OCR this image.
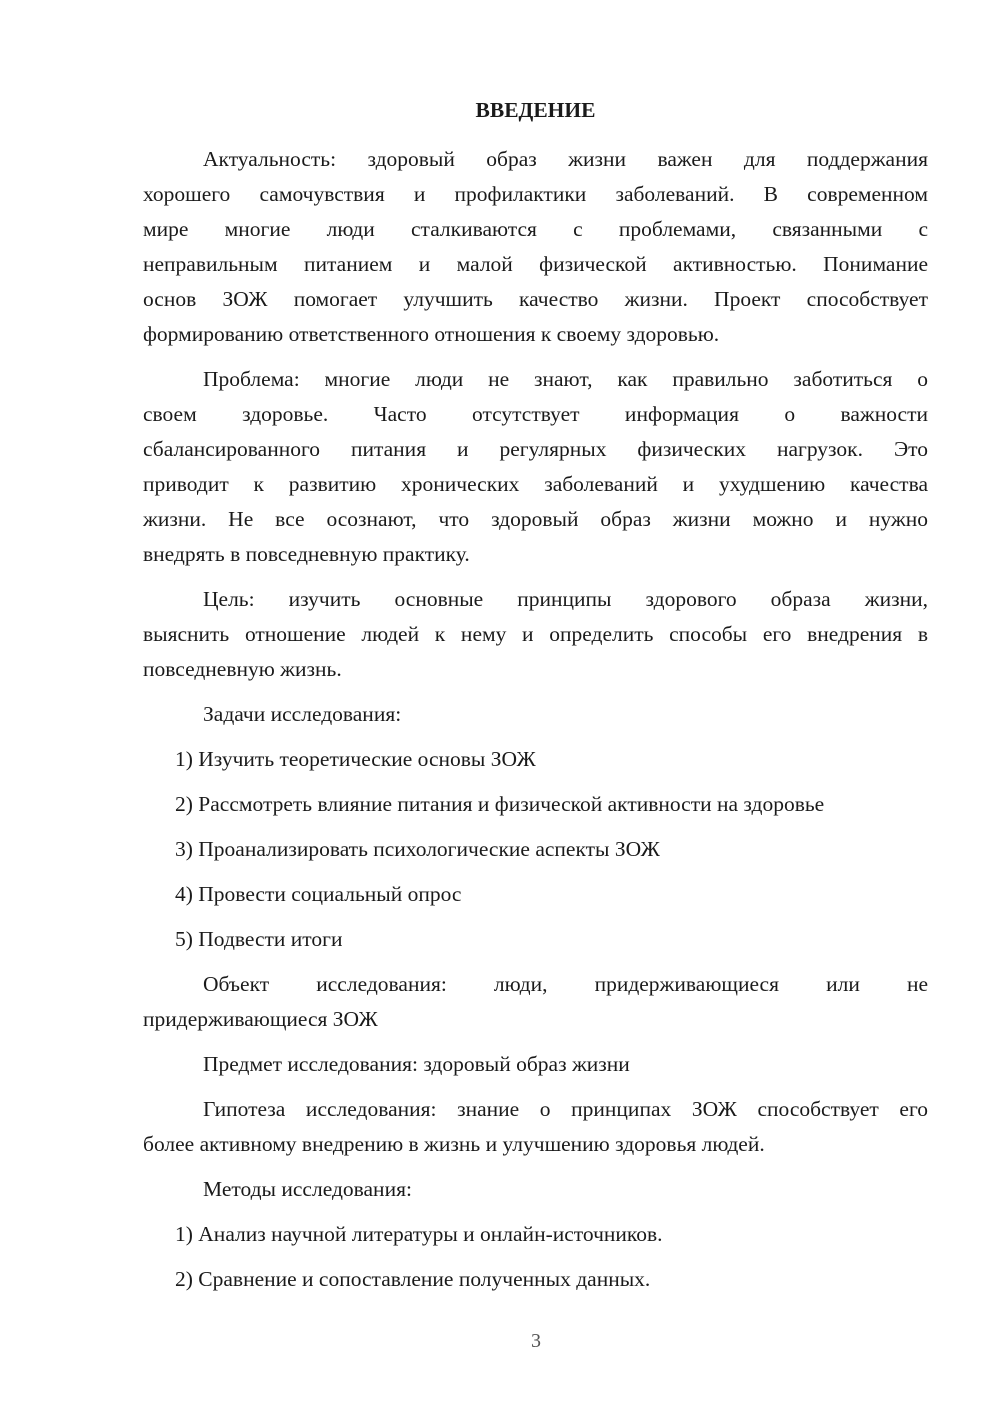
ВВЕДЕНИЕ
Актуальность: здоровый образ жизни важен для поддержания
хорошего самочувствия и профилактики заболеваний. В современном
мире многие люди сталкиваются с проблемами, связанными с
неправильным питанием и малой физической активностью. Понимание
основ ЗОЖ помогает улучшить качество жизни. Проект способствует
формированию ответственного отношения к своему здоровью.
Проблема: многие люди не знают, как правильно заботиться о
своем здоровье. Часто отсутствует информация о важности
сбалансированного питания и регулярных физических нагрузок. Это
приводит к развитию хронических заболеваний и ухудшению качества
жизни. Не все осознают, что здоровый образ жизни можно и нужно
внедрять в повседневную практику.
Цель: изучить основные принципы здорового образа жизни,
выяснить отношение людей к нему и определить способы его внедрения в
повседневную жизнь.
Задачи исследования:
1) Изучить теоретические основы ЗОЖ
2) Рассмотреть влияние питания и физической активности на здоровье
3) Проанализировать психологические аспекты ЗОЖ
4) Провести социальный опрос
5) Подвести итоги
Объект исследования: люди, придерживающиеся или не
придерживающиеся ЗОЖ
Предмет исследования: здоровый образ жизни
Гипотеза исследования: знание о принципах ЗОЖ способствует его
более активному внедрению в жизнь и улучшению здоровья людей.
Методы исследования:
1) Анализ научной литературы и онлайн-источников.
2) Сравнение и сопоставление полученных данных.
3
